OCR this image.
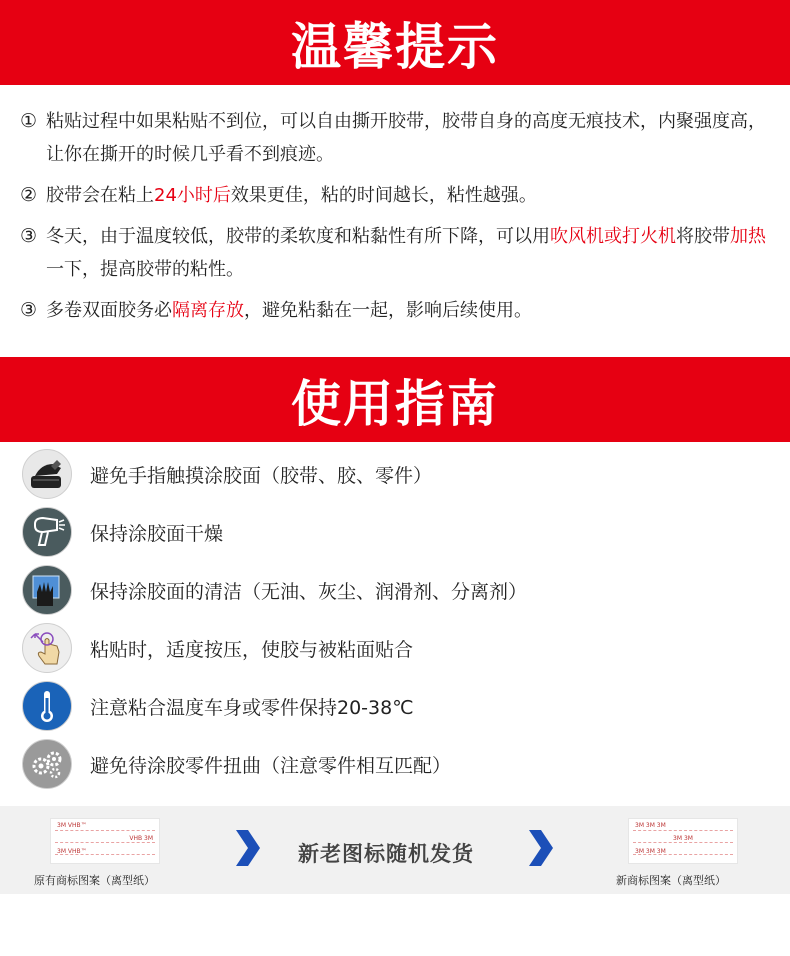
温馨提示
① 粘贴过程中如果粘贴不到位，可以自由撕开胶带，胶带自身的高度无痕技术，内聚强度高，让你在撕开的时候几乎看不到痕迹。
② 胶带会在粘上24小时后效果更佳，粘的时间越长，粘性越强。
③ 冬天，由于温度较低，胶带的柔软度和粘黏性有所下降，可以用吹风机或打火机将胶带加热一下，提高胶带的粘性。
③ 多卷双面胶务必隔离存放，避免粘黏在一起，影响后续使用。
使用指南
避免手指触摸涂胶面（胶带、胶、零件）
保持涂胶面干燥
保持涂胶面的清洁（无油、灰尘、润滑剂、分离剂）
粘贴时，适度按压，使胶与被粘面贴合
注意粘合温度车身或零件保持20-38℃
避免待涂胶零件扭曲（注意零件相互匹配）
3M VHB™
VHB 3M
3M VHB™
原有商标图案（离型纸）
新老图标随机发货
3M 3M 3M
3M 3M
3M 3M 3M
新商标图案（离型纸）
